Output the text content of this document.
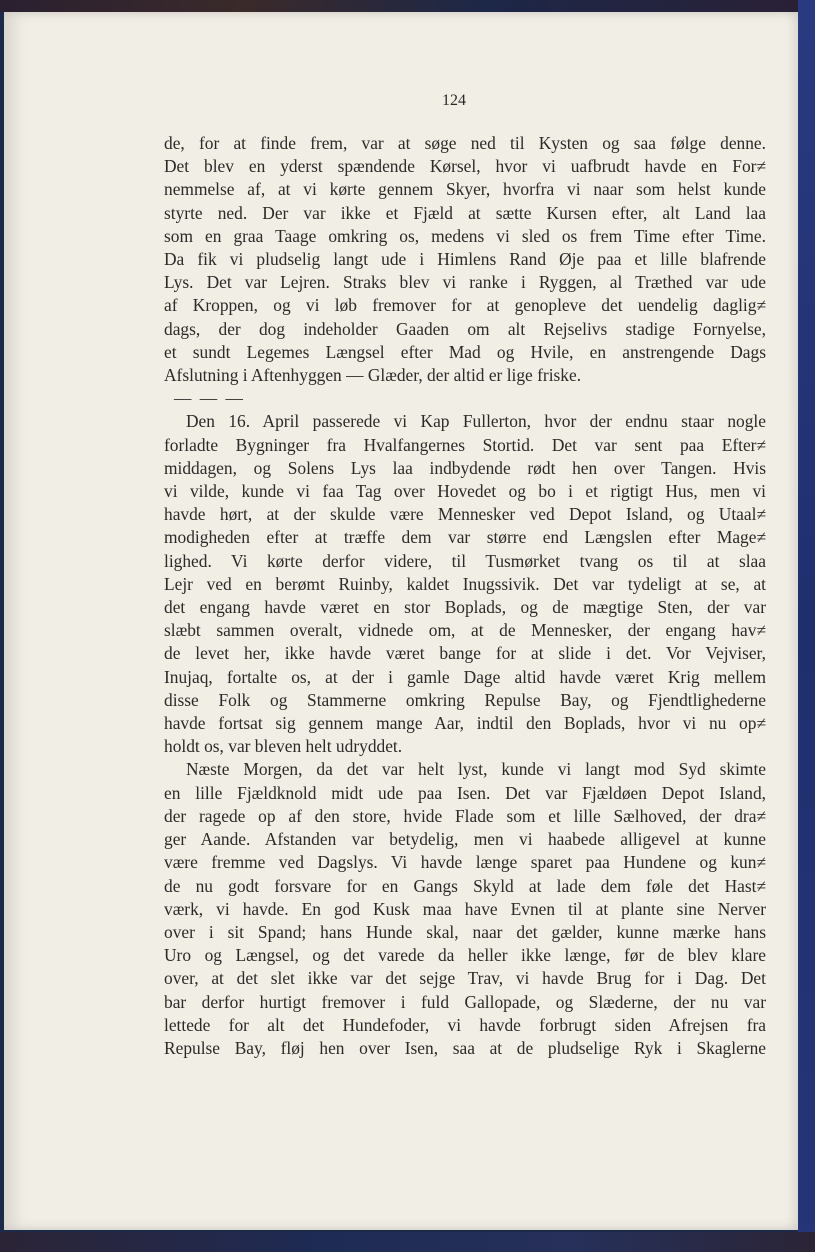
124

de, for at finde frem, var at søge ned til Kysten og saa følge denne.
Det blev en yderst spændende Kørsel, hvor vi uafbrudt havde en For≠
nemmelse af, at vi kørte gennem Skyer, hvorfra vi naar som helst kunde
styrte ned. Der var ikke et Fjæld at sætte Kursen efter, alt Land laa
som en graa Taage omkring os, medens vi sled os frem Time efter Time.
Da fik vi pludselig langt ude i Himlens Rand Øje paa et lille blafrende
Lys. Det var Lejren. Straks blev vi ranke i Ryggen, al Træthed var ude
af Kroppen, og vi løb fremover for at genopleve det uendelig daglig≠
dags, der dog indeholder Gaaden om alt Rejselivs stadige Fornyelse,
et sundt Legemes Længsel efter Mad og Hvile, en anstrengende Dags
Afslutning i Aftenhyggen — Glæder, der altid er lige friske.

— — —

Den 16. April passerede vi Kap Fullerton, hvor der endnu staar nogle
forladte Bygninger fra Hvalfangernes Stortid. Det var sent paa Efter≠
middagen, og Solens Lys laa indbydende rødt hen over Tangen. Hvis
vi vilde, kunde vi faa Tag over Hovedet og bo i et rigtigt Hus, men vi
havde hørt, at der skulde være Mennesker ved Depot Island, og Utaal≠
modigheden efter at træffe dem var større end Længslen efter Mage≠
lighed. Vi kørte derfor videre, til Tusmørket tvang os til at slaa
Lejr ved en berømt Ruinby, kaldet Inugssivik. Det var tydeligt at se, at
det engang havde været en stor Boplads, og de mægtige Sten, der var
slæbt sammen overalt, vidnede om, at de Mennesker, der engang hav≠
de levet her, ikke havde været bange for at slide i det. Vor Vejviser,
Inujaq, fortalte os, at der i gamle Dage altid havde været Krig mellem
disse Folk og Stammerne omkring Repulse Bay, og Fjendtlighederne
havde fortsat sig gennem mange Aar, indtil den Boplads, hvor vi nu op≠
holdt os, var bleven helt udryddet.

Næste Morgen, da det var helt lyst, kunde vi langt mod Syd skimte
en lille Fjældknold midt ude paa Isen. Det var Fjældøen Depot Island,
der ragede op af den store, hvide Flade som et lille Sælhoved, der dra≠
ger Aande. Afstanden var betydelig, men vi haabede alligevel at kunne
være fremme ved Dagslys. Vi havde længe sparet paa Hundene og kun≠
de nu godt forsvare for en Gangs Skyld at lade dem føle det Hast≠
værk, vi havde. En god Kusk maa have Evnen til at plante sine Nerver
over i sit Spand; hans Hunde skal, naar det gælder, kunne mærke hans
Uro og Længsel, og det varede da heller ikke længe, før de blev klare
over, at det slet ikke var det sejge Trav, vi havde Brug for i Dag. Det
bar derfor hurtigt fremover i fuld Gallopade, og Slæderne, der nu var
lettede for alt det Hundefoder, vi havde forbrugt siden Afrejsen fra
Repulse Bay, fløj hen over Isen, saa at de pludselige Ryk i Skaglerne
